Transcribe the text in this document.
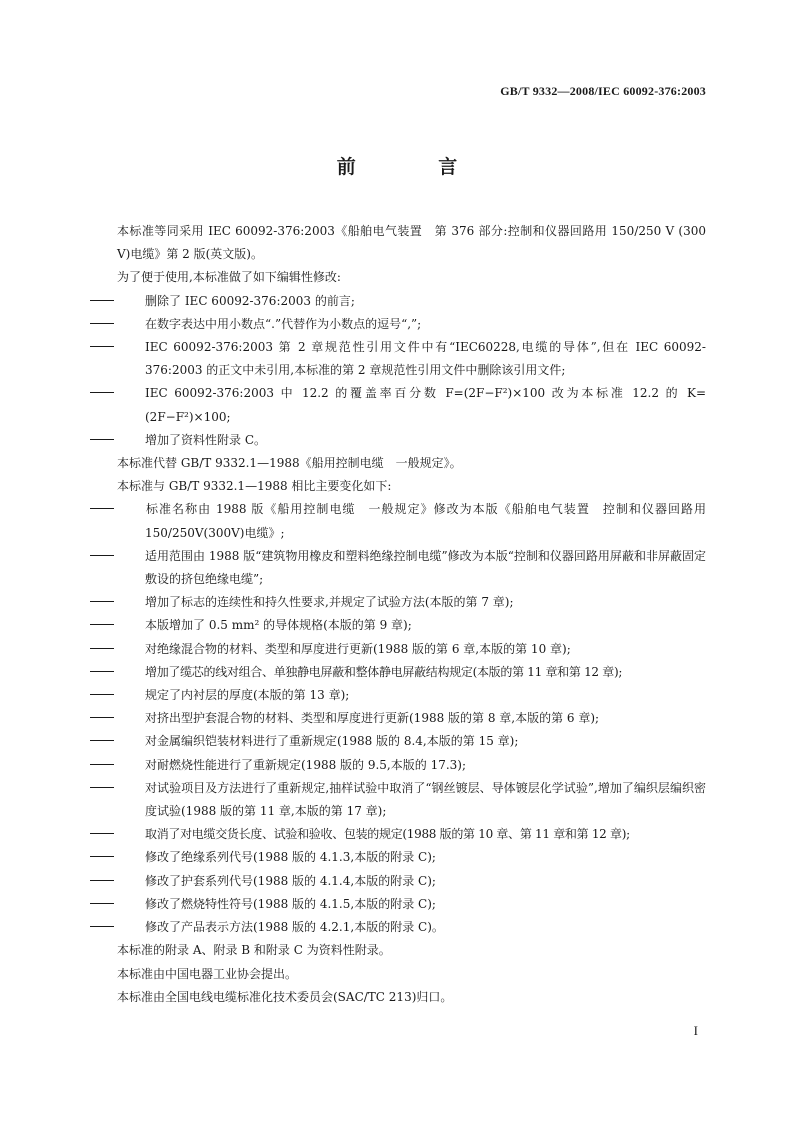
GB/T 9332—2008/IEC 60092-376:2003
前 言

本标准等同采用 IEC 60092-376:2003《船舶电气装置　第 376 部分:控制和仪器回路用 150/250 V (300 V)电缆》第 2 版(英文版)。

为了便于使用,本标准做了如下编辑性修改:

删除了 IEC 60092-376:2003 的前言;

在数字表达中用小数点“.”代替作为小数点的逗号“,”;

IEC 60092-376:2003 第 2 章规范性引用文件中有“IEC60228,电缆的导体”,但在 IEC 60092-376:2003 的正文中未引用,本标准的第 2 章规范性引用文件中删除该引用文件;

IEC 60092-376:2003 中 12.2 的覆盖率百分数 F=(2F−F²)×100 改为本标准 12.2 的 K=(2F−F²)×100;

增加了资料性附录 C。

本标准代替 GB/T 9332.1—1988《船用控制电缆　一般规定》。

本标准与 GB/T 9332.1—1988 相比主要变化如下:

标准名称由 1988 版《船用控制电缆　一般规定》修改为本版《船舶电气装置　控制和仪器回路用 150/250V(300V)电缆》;

适用范围由 1988 版“建筑物用橡皮和塑料绝缘控制电缆”修改为本版“控制和仪器回路用屏蔽和非屏蔽固定敷设的挤包绝缘电缆”;

增加了标志的连续性和持久性要求,并规定了试验方法(本版的第 7 章);

本版增加了 0.5 mm² 的导体规格(本版的第 9 章);

对绝缘混合物的材料、类型和厚度进行更新(1988 版的第 6 章,本版的第 10 章);

增加了缆芯的线对组合、单独静电屏蔽和整体静电屏蔽结构规定(本版的第 11 章和第 12 章);

规定了内衬层的厚度(本版的第 13 章);

对挤出型护套混合物的材料、类型和厚度进行更新(1988 版的第 8 章,本版的第 6 章);

对金属编织铠装材料进行了重新规定(1988 版的 8.4,本版的第 15 章);

对耐燃烧性能进行了重新规定(1988 版的 9.5,本版的 17.3);

对试验项目及方法进行了重新规定,抽样试验中取消了“钢丝镀层、导体镀层化学试验”,增加了编织层编织密度试验(1988 版的第 11 章,本版的第 17 章);

取消了对电缆交货长度、试验和验收、包装的规定(1988 版的第 10 章、第 11 章和第 12 章);

修改了绝缘系列代号(1988 版的 4.1.3,本版的附录 C);

修改了护套系列代号(1988 版的 4.1.4,本版的附录 C);

修改了燃烧特性符号(1988 版的 4.1.5,本版的附录 C);

修改了产品表示方法(1988 版的 4.2.1,本版的附录 C)。

本标准的附录 A、附录 B 和附录 C 为资料性附录。

本标准由中国电器工业协会提出。

本标准由全国电线电缆标准化技术委员会(SAC/TC 213)归口。

I
